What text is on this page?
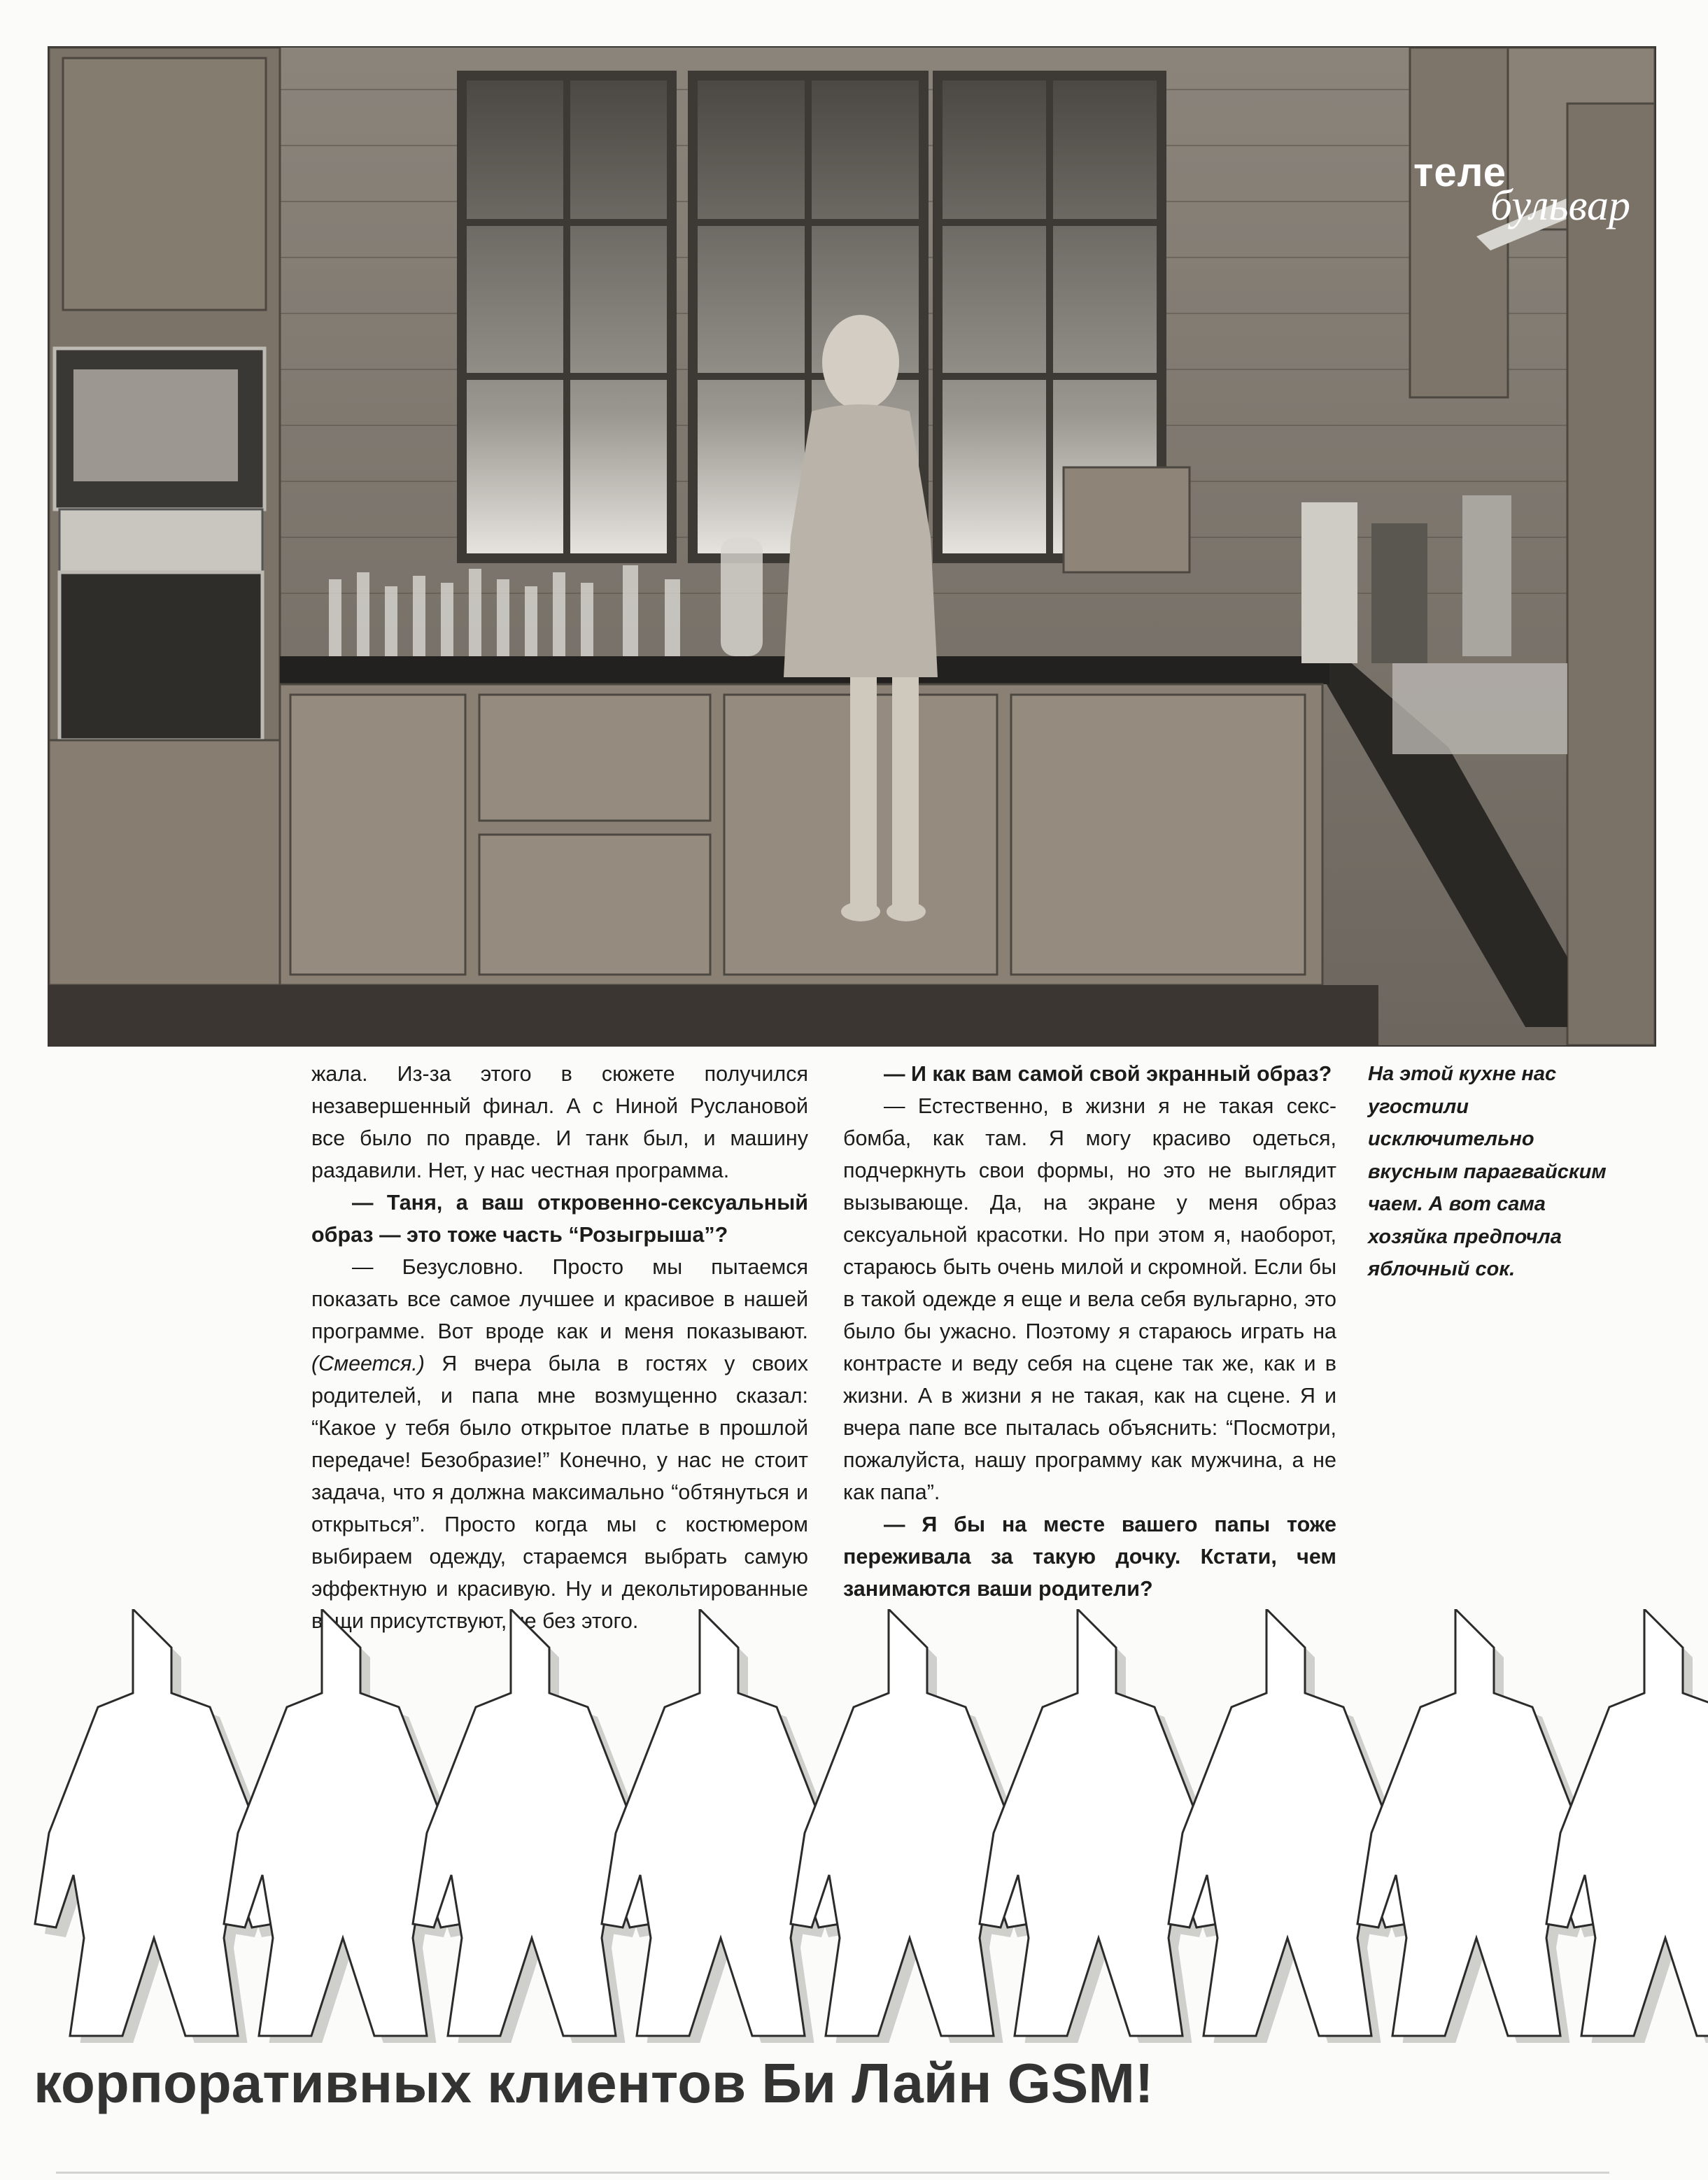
теле
бульвар

жала. Из-за этого в сюжете получился незавершенный финал. А с Ниной Руслановой все было по правде. И танк был, и машину раздавили. Нет, у нас честная программа.

— Таня, а ваш откровенно-сексуальный образ — это тоже часть “Розыгрыша”?

— Безусловно. Просто мы пытаемся показать все самое лучшее и красивое в нашей программе. Вот вроде как и меня показывают. (Смеется.) Я вчера была в гостях у своих родителей, и папа мне возмущенно сказал: “Какое у тебя было открытое платье в прошлой передаче! Безобразие!” Конечно, у нас не стоит задача, что я должна максимально “обтянуться и открыться”. Просто когда мы с костюмером выбираем одежду, стараемся выбрать самую эффектную и красивую. Ну и декольтированные вещи присутствуют, не без этого.

— И как вам самой свой экранный образ?

— Естественно, в жизни я не такая секс-бомба, как там. Я могу красиво одеться, подчеркнуть свои формы, но это не выглядит вызывающе. Да, на экране у меня образ сексуальной красотки. Но при этом я, наоборот, стараюсь быть очень милой и скромной. Если бы в такой одежде я еще и вела себя вульгарно, это было бы ужасно. Поэтому я стараюсь играть на контрасте и веду себя на сцене так же, как и в жизни. А в жизни я не такая, как на сцене. Я и вчера папе все пыталась объяснить: “Посмотри, пожалуйста, нашу программу как мужчина, а не как папа”.

— Я бы на месте вашего папы тоже переживала за такую дочку. Кстати, чем занимаются ваши родители?

На этой кухне нас угостили исключительно вкусным парагвайским чаем. А вот сама хозяйка предпочла яблочный сок.
корпоративных клиентов Би Лайн GSM!
